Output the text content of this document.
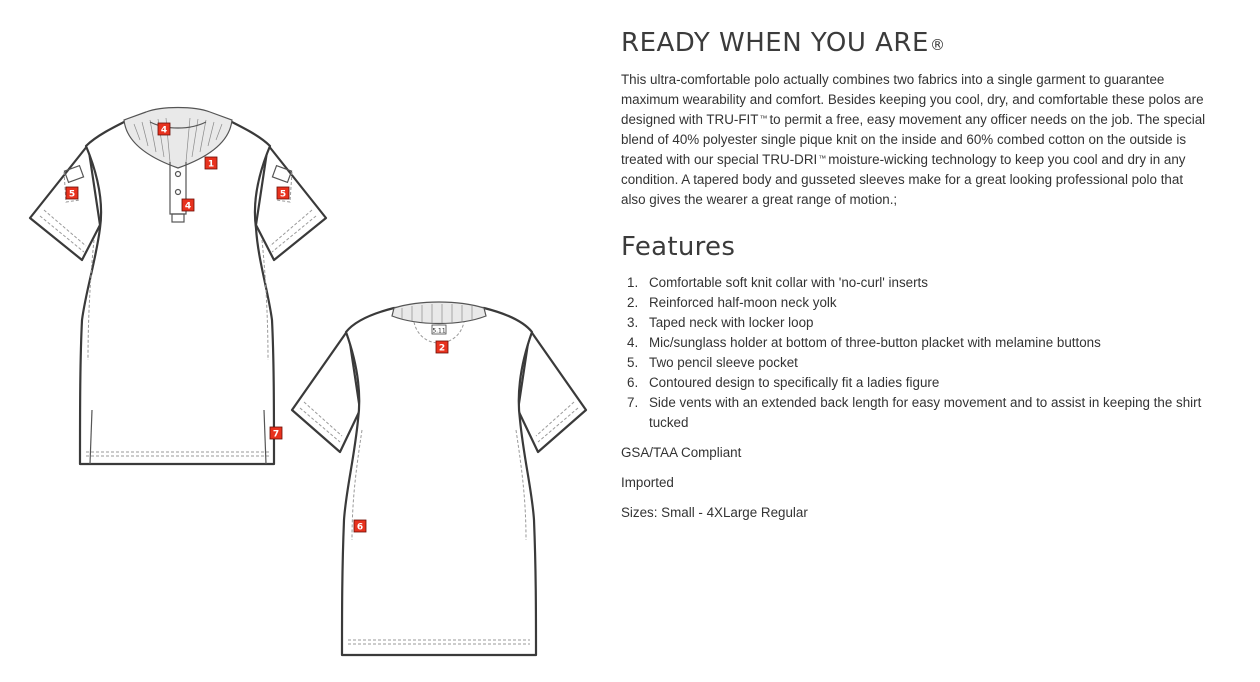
4
1
4
5	5
7
5.11
2
6
READY WHEN YOU ARE®

This ultra-comfortable polo actually combines two fabrics into a single garment to guarantee maximum wearability and comfort. Besides keeping you cool, dry, and comfortable these polos are designed with TRU-FIT™ to permit a free, easy movement any officer needs on the job. The special blend of 40% polyester single pique knit on the inside and 60% combed cotton on the outside is treated with our special TRU-DRI™ moisture-wicking technology to keep you cool and dry in any condition. A tapered body and gusseted sleeves make for a great looking professional polo that also gives the wearer a great range of motion.;

Features
1. Comfortable soft knit collar with 'no-curl' inserts
2. Reinforced half-moon neck yolk
3. Taped neck with locker loop
4. Mic/sunglass holder at bottom of three-button placket with melamine buttons
5. Two pencil sleeve pocket
6. Contoured design to specifically fit a ladies figure
7. Side vents with an extended back length for easy movement and to assist in keeping the shirt tucked

GSA/TAA Compliant

Imported

Sizes: Small - 4XLarge Regular
